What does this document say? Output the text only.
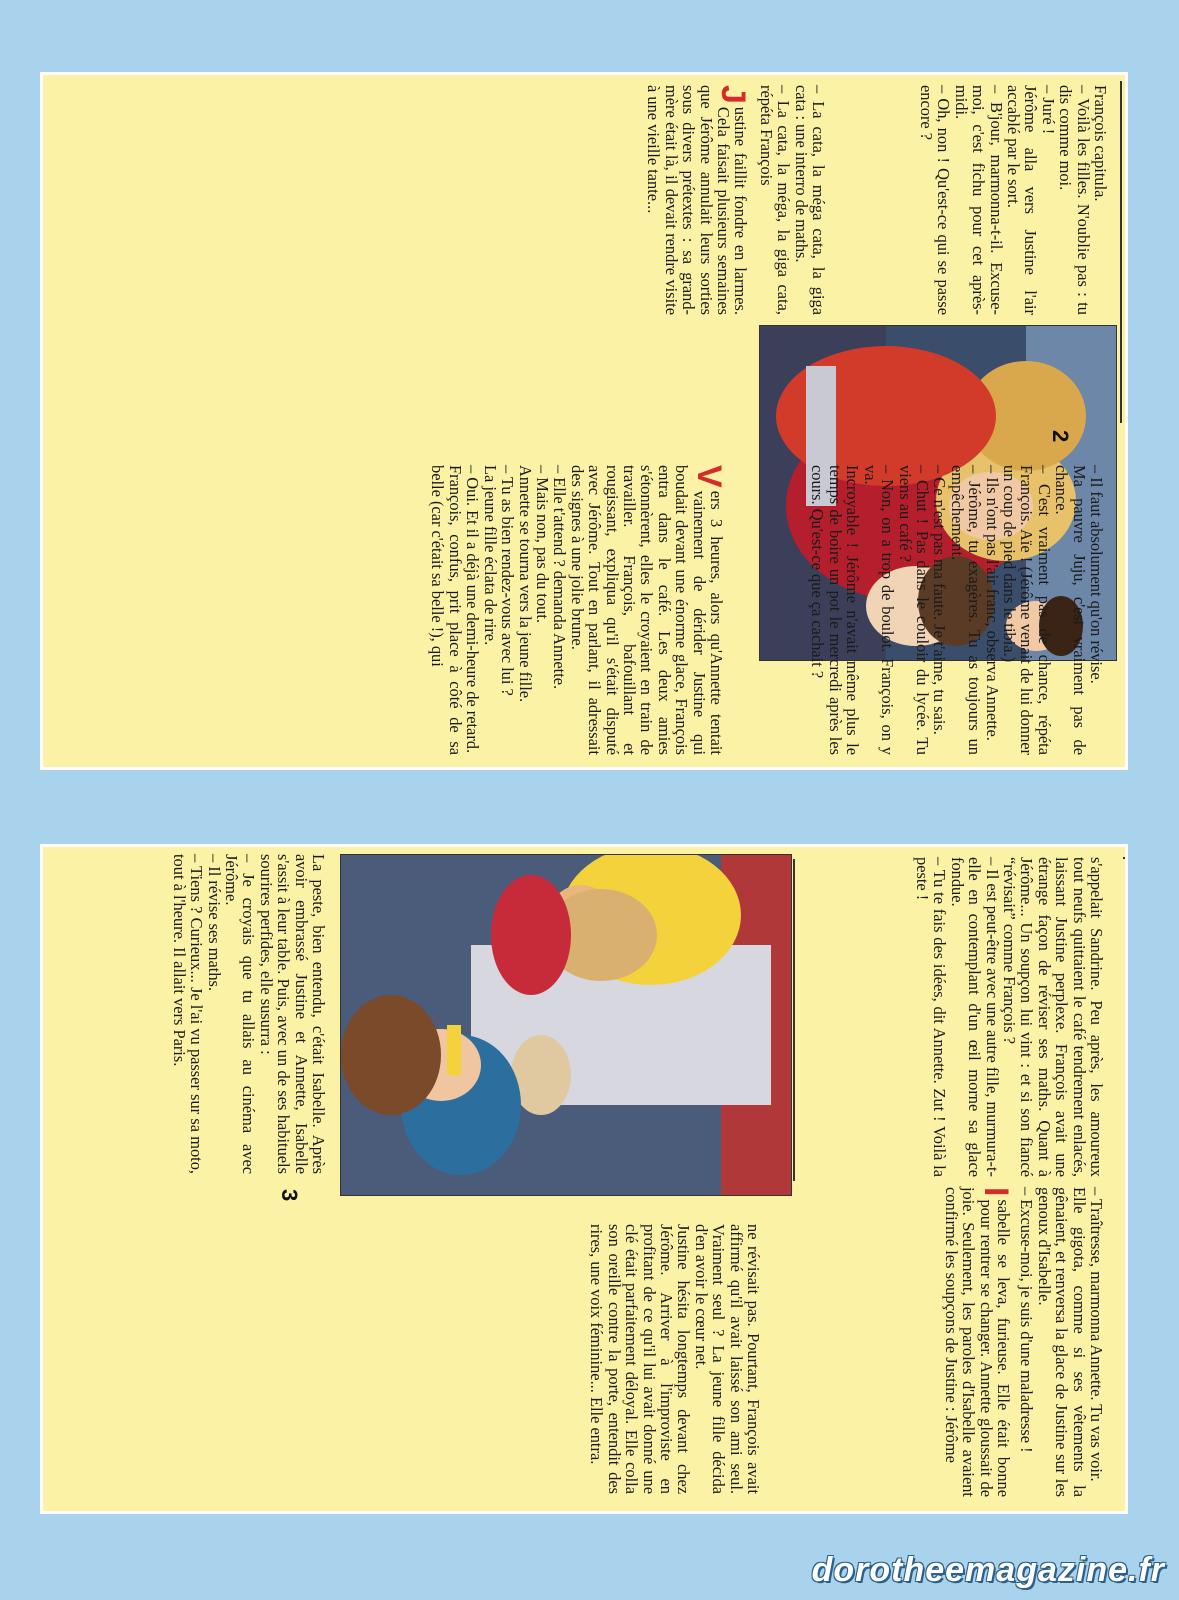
François capitula.

– Voilà les filles. N'oublie pas : tu dis comme moi.

– Juré !

Jérôme alla vers Justine l'air accablé par le sort.

– B'jour, marmonna-t-il. Excuse-moi, c'est fichu pour cet après-midi.

– Oh, non ! Qu'est-ce qui se passe encore ?

– La cata, la méga cata, la giga cata : une interro de maths.

– La cata, la méga, la giga cata, répéta François

J
ustine faillit fondre en larmes. Cela faisait plusieurs semaines que Jérôme annulait leurs sorties sous divers prétextes : sa grand-mère était là, il devait rendre visite à une vieille tante...

2

– Il faut absolument qu'on révise.

Ma pauvre Juju, c'est vraiment pas de chance.

– C'est vraiment pas de chance, répéta François. Aïe ! (Jérôme venait de lui donner un coup de pied dans le tibia.)

– Ils n'ont pas l'air franc, observa Annette.

– Jérôme, tu exagères. Tu as toujours un empêchement.

– Ce n'est pas ma faute. Je t'aime, tu sais.

– Chut ! Pas dans le couloir du lycée. Tu viens au café ?

– Non, on a trop de boulot. François, on y va.

Incroyable ! Jérôme n'avait même plus le temps de boire un pot le mercredi après les cours. Qu'est-ce que ça cachait ?

V
ers 3 heures, alors qu'Annette tentait vainement de dérider Justine qui boudait devant une énorme glace, François entra dans le café. Les deux amies s'étonnèrent, elles le croyaient en train de travailler. François, bafouillant et rougissant, expliqua qu'il s'était disputé avec Jérôme. Tout en parlant, il adressait des signes à une jolie brune.

– Elle t'attend ? demanda Annette.

– Mais non, pas du tout.

Annette se tourna vers la jeune fille.

– Tu as bien rendez-vous avec lui ?

La jeune fille éclata de rire.

– Oui. Et il a déjà une demi-heure de retard.

François, confus, prit place à côté de sa belle (car c'était sa belle !), qui

s'appelait Sandrine. Peu après, les amoureux tout neufs quittaient le café tendrement enlacés, laissant Justine perplexe. François avait une étrange façon de réviser ses maths. Quant à Jérôme... Un soupçon lui vint : et si son fiancé “révisait” comme François ?

– Il est peut-être avec une autre fille, murmura-t-elle en contemplant d'un œil morne sa glace fondue.

– Tu te fais des idées, dit Annette. Zut ! Voilà la peste !

– Traîtresse, marmonna Annette. Tu vas voir.

Elle gigota, comme si ses vêtements la gênaient, et renversa la glace de Justine sur les genoux d'Isabelle.

– Excuse-moi, je suis d'une maladresse !

I
sabelle se leva, furieuse. Elle était bonne pour rentrer se changer. Annette gloussait de joie. Seulement, les paroles d'Isabelle avaient confirmé les soupçons de Justine : Jérôme

3

La peste, bien entendu, c'était Isabelle. Après avoir embrassé Justine et Annette, Isabelle s'assit à leur table. Puis, avec un de ses habituels sourires perfides, elle susurra :

– Je croyais que tu allais au cinéma avec Jérôme.

– Il révise ses maths.

– Tiens ? Curieux... Je l'ai vu passer sur sa moto, tout à l'heure. Il allait vers Paris.

ne révisait pas. Pourtant, François avait affirmé qu'il avait laissé son ami seul. Vraiment seul ? La jeune fille décida d'en avoir le cœur net.

Justine hésita longtemps devant chez Jérôme. Arriver à l'improviste en profitant de ce qu'il lui avait donné une clé était parfaitement déloyal. Elle colla son oreille contre la porte, entendit des rires, une voix féminine... Elle entra.

dorotheemagazine.fr
